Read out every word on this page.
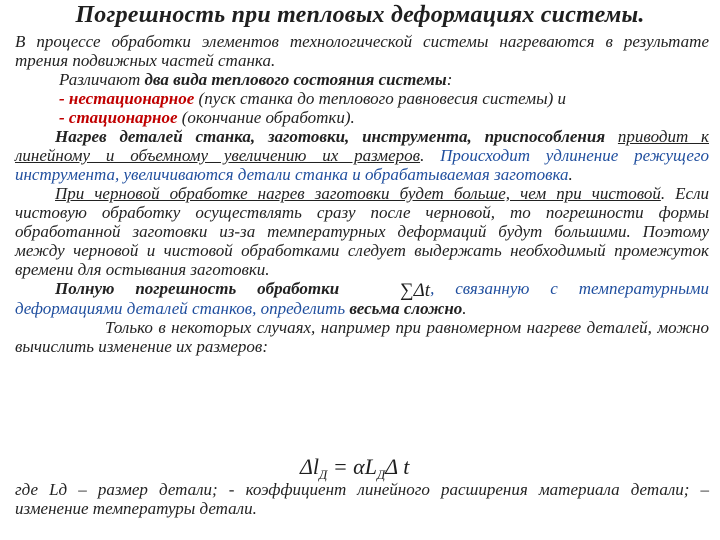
Погрешность при тепловых деформациях системы.

В процессе обработки элементов технологической системы нагреваются в результате трения подвижных частей станка.

Различают два вида теплового состояния системы:

- нестационарное (пуск станка до теплового равновесия системы) и

- стационарное (окончание обработки).

Нагрев деталей станка, заготовки, инструмента, приспособления приводит к линейному и объемному увеличению их размеров. Происходит удлинение режущего инструмента, увеличиваются детали станка и обрабатываемая заготовка.

При черновой обработке нагрев заготовки будет больше, чем при чистовой. Если чистовую обработку осуществлять сразу после черновой, то погрешности формы обработанной заготовки из-за температурных деформаций будут большими. Поэтому между черновой и чистовой обработками следует выдержать необходимый промежуток времени для остывания заготовки.

Полную погрешность обработки	∑Δt, связанную с температурными деформациями деталей станков, определить весьма сложно.

Только в некоторых случаях, например при равномерном нагреве деталей, можно вычислить изменение их размеров:

$\Delta l_Д = \alpha L_Д\Delta$ t
где Lд – размер детали; - коэффициент линейного расширения материала детали; – изменение температуры детали.
